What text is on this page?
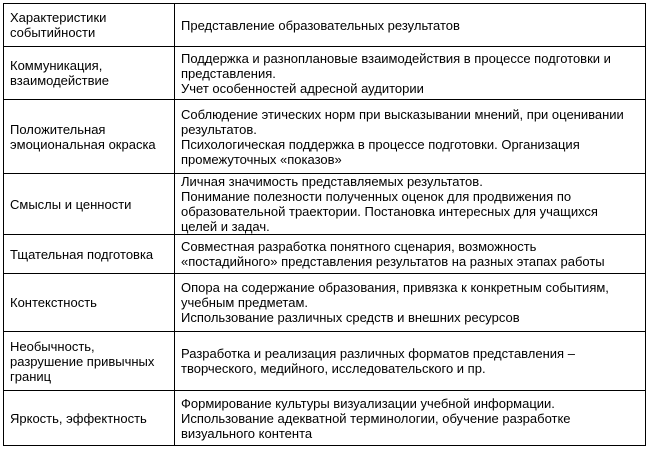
Характеристики
событийности	Представление образовательных результатов

Коммуникация,
взаимодействие	Поддержка и разноплановые взаимодействия в процессе подготовки и
представления.
Учет особенностей адресной аудитории

Положительная
эмоциональная окраска	Соблюдение этических норм при высказывании мнений, при оценивании
результатов.
Психологическая поддержка в процессе подготовки. Организация
промежуточных «показов»

Смыслы и ценности	Личная значимость представляемых результатов.
Понимание полезности полученных оценок для продвижения по
образовательной траектории. Постановка интересных для учащихся
целей и задач.

Тщательная подготовка	Совместная разработка понятного сценария, возможность
«постадийного» представления результатов на разных этапах работы

Контекстность	Опора на содержание образования, привязка к конкретным событиям,
учебным предметам.
Использование различных средств и внешних ресурсов

Необычность,
разрушение привычных
границ	Разработка и реализация различных форматов представления –
творческого, медийного, исследовательского и пр.

Яркость, эффектность	Формирование культуры визуализации учебной информации.
Использование адекватной терминологии, обучение разработке
визуального контента
